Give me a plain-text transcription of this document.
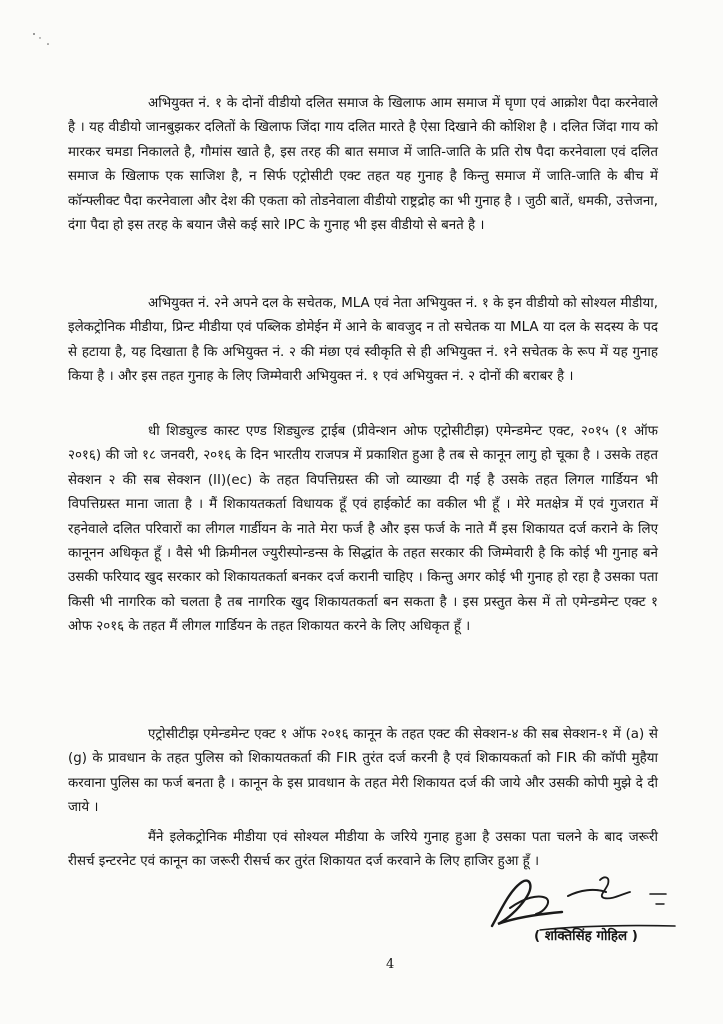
अभियुक्त नं. १ के दोनों वीडीयो दलित समाज के खिलाफ आम समाज में घृणा एवं आक्रोश पैदा करनेवाले है । यह वीडीयो जानबुझकर दलितों के खिलाफ जिंदा गाय दलित मारते है ऐसा दिखाने की कोशिश है । दलित जिंदा गाय को मारकर चमडा निकालते है, गौमांस खाते है, इस तरह की बात समाज में जाति-जाति के प्रति रोष पैदा करनेवाला एवं दलित समाज के खिलाफ एक साजिश है, न सिर्फ एट्रोसीटी एक्ट तहत यह गुनाह है किन्तु समाज में जाति-जाति के बीच में कॉन्फ्लीक्ट पैदा करनेवाला और देश की एकता को तोडनेवाला वीडीयो राष्ट्रद्रोह का भी गुनाह है । जुठी बातें, धमकी, उत्तेजना, दंगा पैदा हो इस तरह के बयान जैसे कई सारे IPC के गुनाह भी इस वीडीयो से बनते है ।

अभियुक्त नं. २ने अपने दल के सचेतक, MLA एवं नेता अभियुक्त नं. १ के इन वीडीयो को सोश्यल मीडीया, इलेकट्रोनिक मीडीया, प्रिन्ट मीडीया एवं पब्लिक डोमेईन में आने के बावजुद न तो सचेतक या MLA या दल के सदस्य के पद से हटाया है, यह दिखाता है कि अभियुक्त नं. २ की मंछा एवं स्वीकृति से ही अभियुक्त नं. १ने सचेतक के रूप में यह गुनाह किया है । और इस तहत गुनाह के लिए जिम्मेवारी अभियुक्त नं. १ एवं अभियुक्त नं. २ दोनों की बराबर है ।

धी शिड्युल्ड कास्ट एण्ड शिड्युल्ड ट्राईब (प्रीवेन्शन ओफ एट्रोसीटीझ) एमेन्डमेन्ट एक्ट, २०१५ (१ ऑफ २०१६) की जो १८ जनवरी, २०१६ के दिन भारतीय राजपत्र में प्रकाशित हुआ है तब से कानून लागु हो चूका है । उसके तहत सेक्शन २ की सब सेक्शन (II)(ec) के तहत विपत्तिग्रस्त की जो व्याख्या दी गई है उसके तहत लिगल गार्डियन भी विपत्तिग्रस्त माना जाता है । मैं शिकायतकर्ता विधायक हूँ एवं हाईकोर्ट का वकील भी हूँ । मेरे मतक्षेत्र में एवं गुजरात में रहनेवाले दलित परिवारों का लीगल गार्डीयन के नाते मेरा फर्ज है और इस फर्ज के नाते मैं इस शिकायत दर्ज कराने के लिए कानूनन अधिकृत हूँ । वैसे भी क्रिमीनल ज्युरीस्पोन्डन्स के सिद्धांत के तहत सरकार की जिम्मेवारी है कि कोई भी गुनाह बने उसकी फरियाद खुद सरकार को शिकायतकर्ता बनकर दर्ज करानी चाहिए । किन्तु अगर कोई भी गुनाह हो रहा है उसका पता किसी भी नागरिक को चलता है तब नागरिक खुद शिकायतकर्ता बन सकता है । इस प्रस्तुत केस में तो एमेन्डमेन्ट एक्ट १ ओफ २०१६ के तहत मैं लीगल गार्डियन के तहत शिकायत करने के लिए अधिकृत हूँ ।

एट्रोसीटीझ एमेन्डमेन्ट एक्ट १ ऑफ २०१६ कानून के तहत एक्ट की सेक्शन-४ की सब सेक्शन-१ में (a) से (g) के प्रावधान के तहत पुलिस को शिकायतकर्ता की FIR तुरंत दर्ज करनी है एवं शिकायकर्ता को FIR की कॉपी मुहैया करवाना पुलिस का फर्ज बनता है । कानून के इस प्रावधान के तहत मेरी शिकायत दर्ज की जाये और उसकी कोपी मुझे दे दी जाये ।

मैंने इलेकट्रोनिक मीडीया एवं सोश्यल मीडीया के जरिये गुनाह हुआ है उसका पता चलने के बाद जरूरी रीसर्च इन्टरनेट एवं कानून का जरूरी रीसर्च कर तुरंत शिकायत दर्ज करवाने के लिए हाजिर हुआ हूँ ।

( शक्तिसिंह गोहिल )
4
